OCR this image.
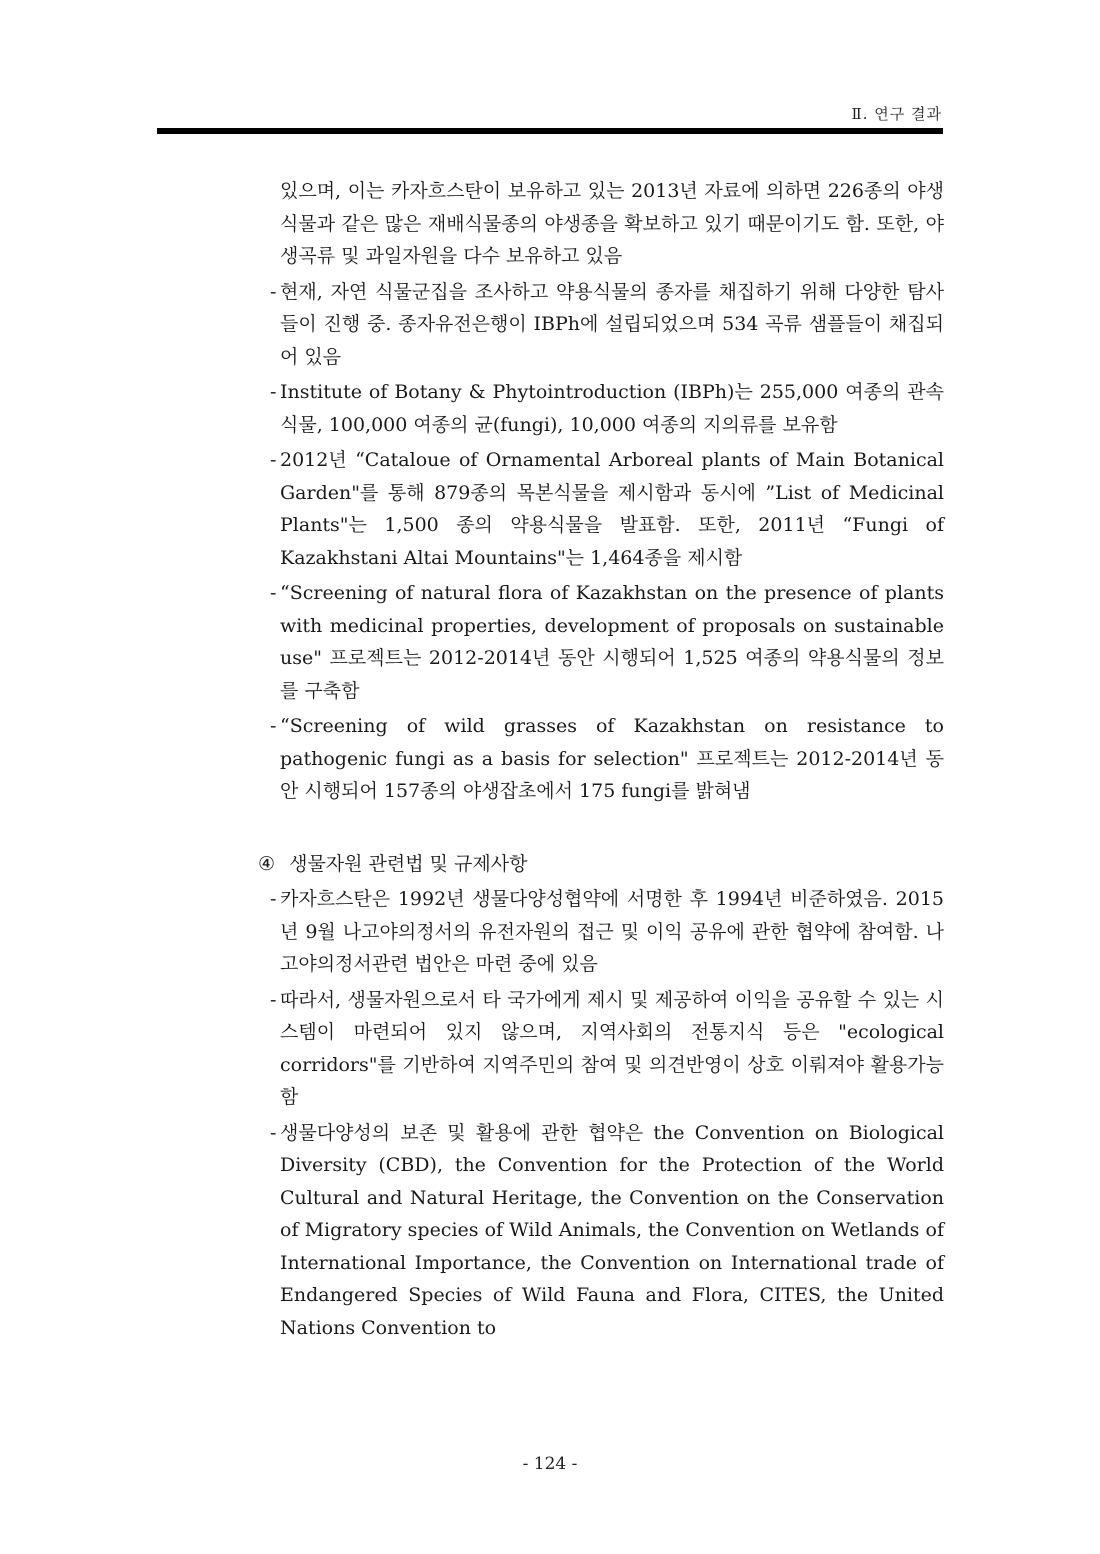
Ⅱ. 연구 결과

있으며, 이는 카자흐스탄이 보유하고 있는 2013년 자료에 의하면 226종의 야생식물과 같은 많은 재배식물종의 야생종을 확보하고 있기 때문이기도 함. 또한, 야생곡류 및 과일자원을 다수 보유하고 있음

- 현재, 자연 식물군집을 조사하고 약용식물의 종자를 채집하기 위해 다양한 탐사들이 진행 중. 종자유전은행이 IBPh에 설립되었으며 534 곡류 샘플들이 채집되어 있음
- Institute of Botany & Phytointroduction (IBPh)는 255,000 여종의 관속식물, 100,000 여종의 균(fungi), 10,000 여종의 지의류를 보유함
- 2012년 “Cataloue of Ornamental Arboreal plants of Main Botanical Garden"를 통해 879종의 목본식물을 제시함과 동시에 ”List of Medicinal Plants"는 1,500 종의 약용식물을 발표함. 또한, 2011년 “Fungi of Kazakhstani Altai Mountains"는 1,464종을 제시함
- “Screening of natural flora of Kazakhstan on the presence of plants with medicinal properties, development of proposals on sustainable use" 프로젝트는 2012-2014년 동안 시행되어 1,525 여종의 약용식물의 정보를 구축함
- “Screening of wild grasses of Kazakhstan on resistance to pathogenic fungi as a basis for selection" 프로젝트는 2012-2014년 동안 시행되어 157종의 야생잡초에서 175 fungi를 밝혀냄
④ 생물자원 관련법 및 규제사항
- 카자흐스탄은 1992년 생물다양성협약에 서명한 후 1994년 비준하였음. 2015년 9월 나고야의정서의 유전자원의 접근 및 이익 공유에 관한 협약에 참여함. 나고야의정서관련 법안은 마련 중에 있음
- 따라서, 생물자원으로서 타 국가에게 제시 및 제공하여 이익을 공유할 수 있는 시스템이 마련되어 있지 않으며, 지역사회의 전통지식 등은 "ecological corridors"를 기반하여 지역주민의 참여 및 의견반영이 상호 이뤄져야 활용가능함
- 생물다양성의 보존 및 활용에 관한 협약은 the Convention on Biological Diversity (CBD), the Convention for the Protection of the World Cultural and Natural Heritage, the Convention on the Conservation of Migratory species of Wild Animals, the Convention on Wetlands of International Importance, the Convention on International trade of Endangered Species of Wild Fauna and Flora, CITES, the United Nations Convention to
- 124 -
